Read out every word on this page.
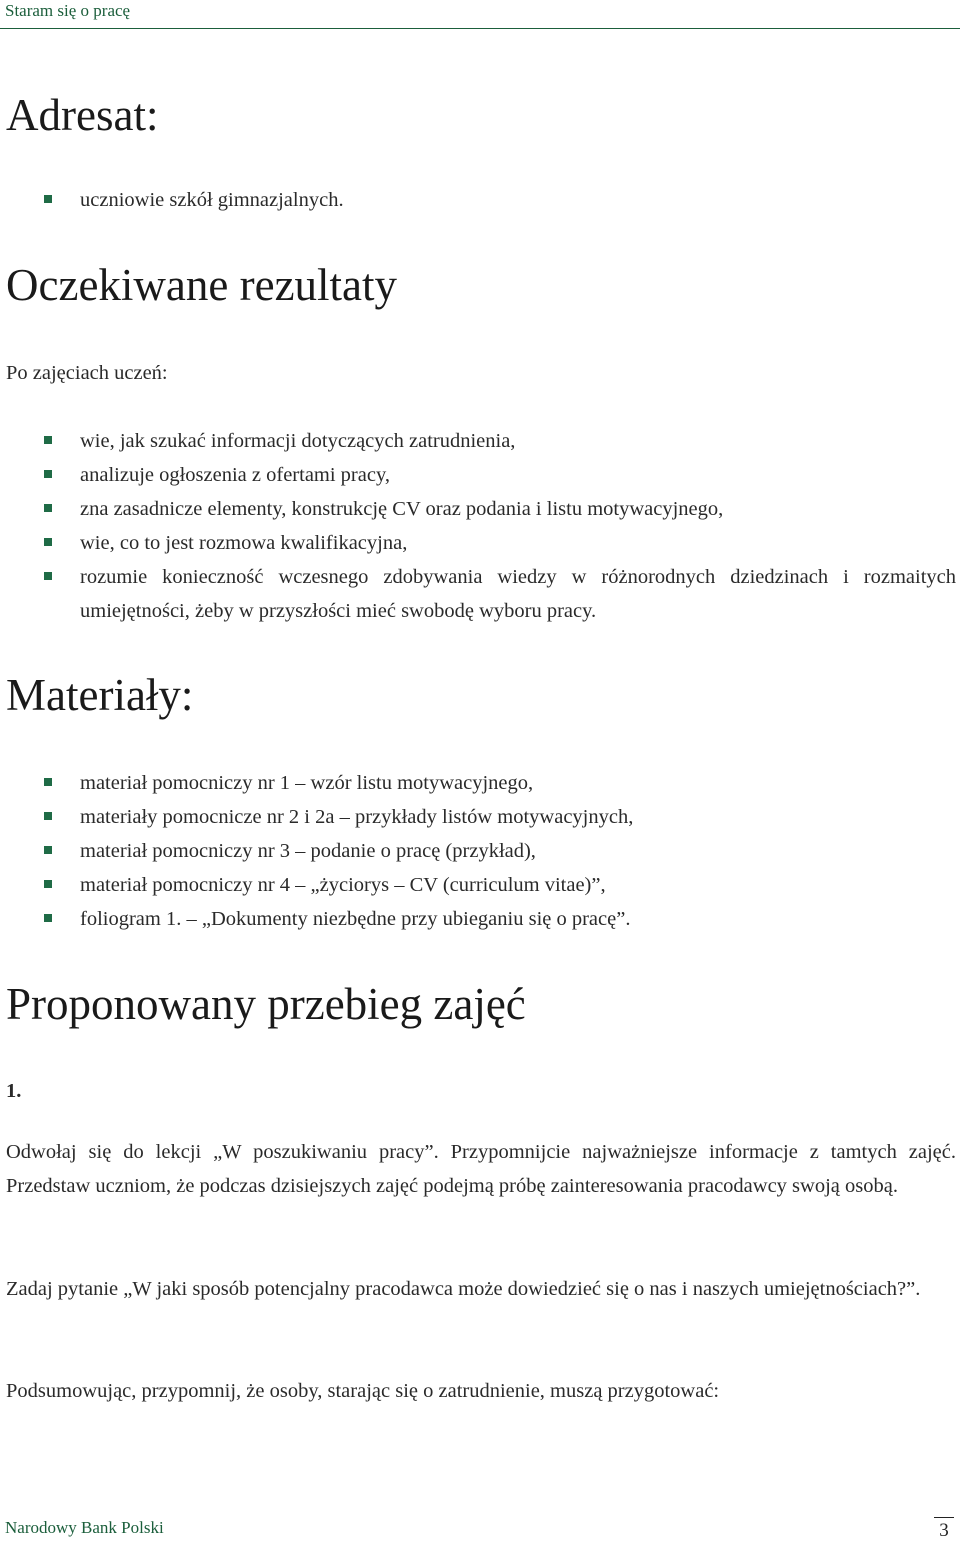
Staram się o pracę
Adresat:
uczniowie szkół gimnazjalnych.
Oczekiwane rezultaty

Po zajęciach uczeń:

wie, jak szukać informacji dotyczących zatrudnienia,
analizuje ogłoszenia z ofertami pracy,
zna zasadnicze elementy, konstrukcję CV oraz podania i listu motywacyjnego,
wie, co to jest rozmowa kwalifikacyjna,
rozumie konieczność wczesnego zdobywania wiedzy w różnorodnych dziedzinach i rozmaitych umiejętności, żeby w przyszłości mieć swobodę wyboru pracy.
Materiały:
materiał pomocniczy nr 1 – wzór listu motywacyjnego,
materiały pomocnicze nr 2 i 2a – przykłady listów motywacyjnych,
materiał pomocniczy nr 3 – podanie o pracę (przykład),
materiał pomocniczy nr 4 – „życiorys – CV (curriculum vitae)”,
foliogram 1. – „Dokumenty niezbędne przy ubieganiu się o pracę”.
Proponowany przebieg zajęć

1.

Odwołaj się do lekcji „W poszukiwaniu pracy”. Przypomnijcie najważniejsze informacje z tamtych zajęć. Przedstaw uczniom, że podczas dzisiejszych zajęć podejmą próbę zainteresowania pracodawcy swoją osobą.

Zadaj pytanie „W jaki sposób potencjalny pracodawca może dowiedzieć się o nas i naszych umiejętnościach?”.

Podsumowując, przypomnij, że osoby, starając się o zatrudnienie, muszą przygotować:

Narodowy Bank Polski	3
